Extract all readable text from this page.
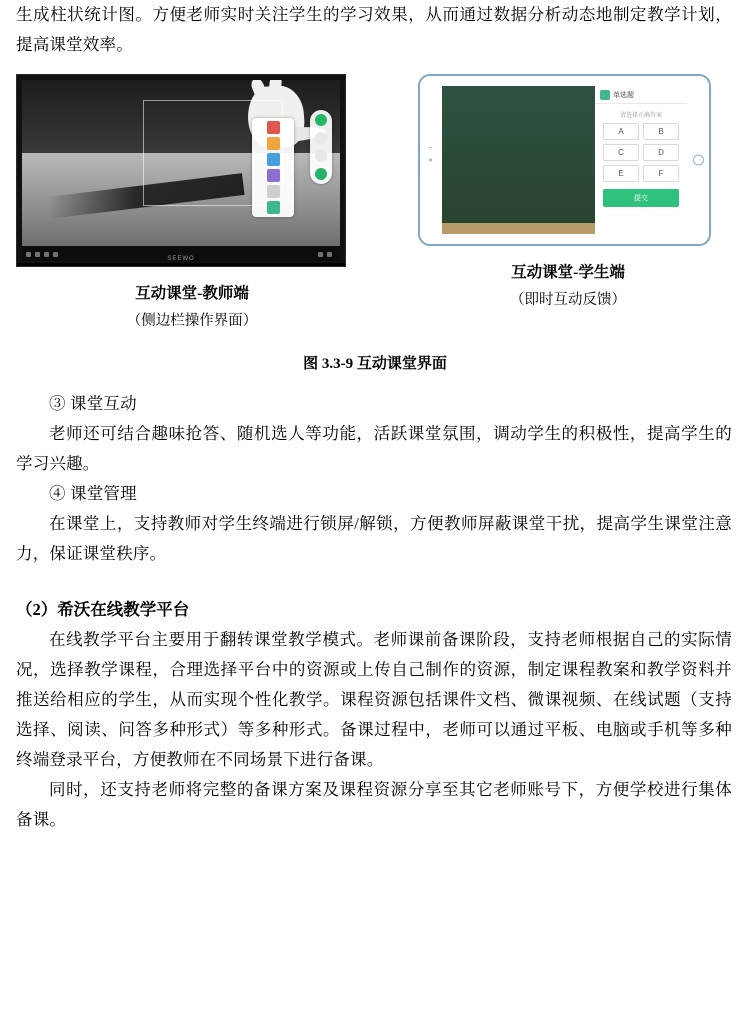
生成柱状统计图。方便老师实时关注学生的学习效果，从而通过数据分析动态地制定教学计划，提高课堂效率。

SEEWO
互动课堂-教师端
（侧边栏操作界面）
单选题
请选择正确答案
A	B
C	D
E	F
提交
互动课堂-学生端
（即时互动反馈）
图 3.3-9 互动课堂界面

③ 课堂互动

老师还可结合趣味抢答、随机选人等功能，活跃课堂氛围，调动学生的积极性，提高学生的学习兴趣。

④ 课堂管理

在课堂上，支持教师对学生终端进行锁屏/解锁，方便教师屏蔽课堂干扰，提高学生课堂注意力，保证课堂秩序。

（2）希沃在线教学平台

在线教学平台主要用于翻转课堂教学模式。老师课前备课阶段，支持老师根据自己的实际情况，选择教学课程，合理选择平台中的资源或上传自己制作的资源，制定课程教案和教学资料并推送给相应的学生，从而实现个性化教学。课程资源包括课件文档、微课视频、在线试题（支持选择、阅读、问答多种形式）等多种形式。备课过程中，老师可以通过平板、电脑或手机等多种终端登录平台，方便教师在不同场景下进行备课。

同时，还支持老师将完整的备课方案及课程资源分享至其它老师账号下，方便学校进行集体备课。
